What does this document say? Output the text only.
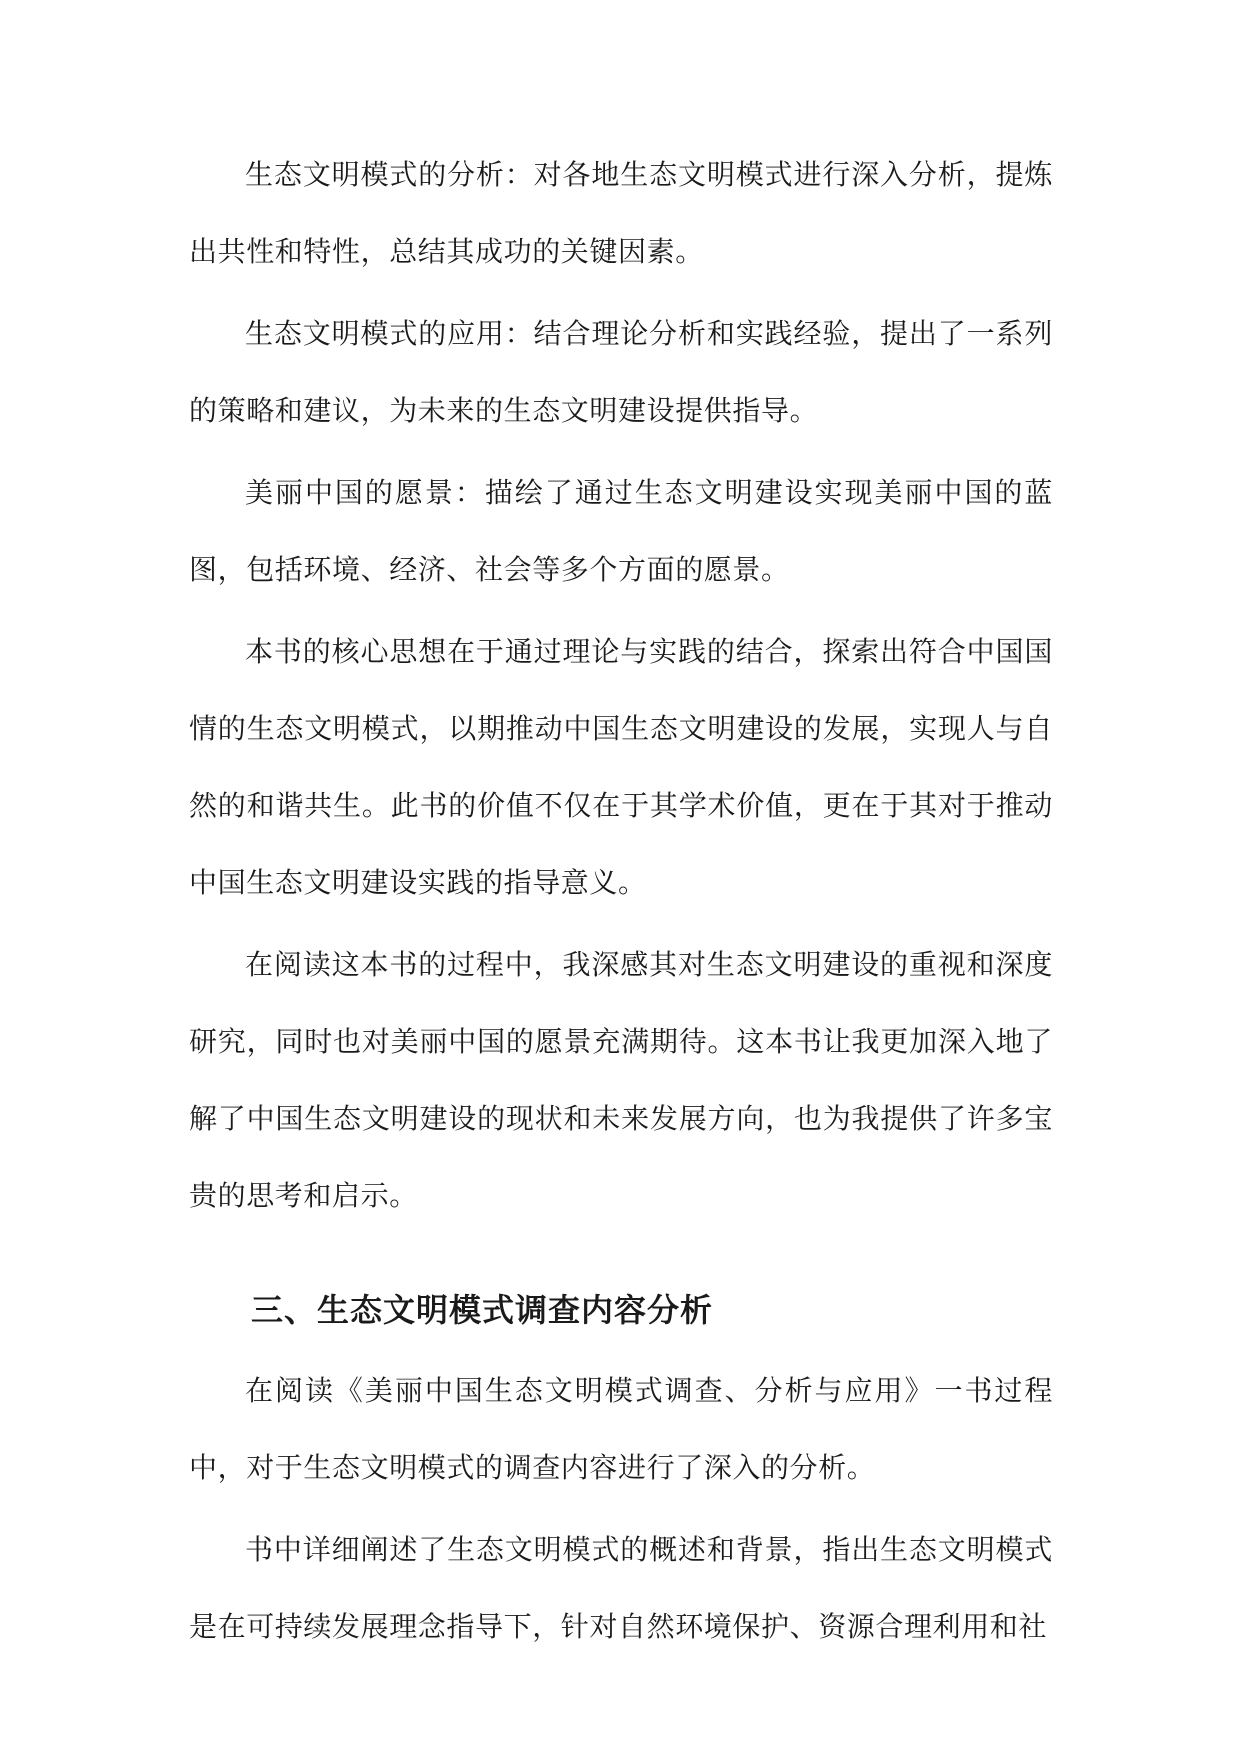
生态文明模式的分析：对各地生态文明模式进行深入分析，提炼出共性和特性，总结其成功的关键因素。

生态文明模式的应用：结合理论分析和实践经验，提出了一系列的策略和建议，为未来的生态文明建设提供指导。

美丽中国的愿景：描绘了通过生态文明建设实现美丽中国的蓝图，包括环境、经济、社会等多个方面的愿景。

本书的核心思想在于通过理论与实践的结合，探索出符合中国国情的生态文明模式，以期推动中国生态文明建设的发展，实现人与自然的和谐共生。此书的价值不仅在于其学术价值，更在于其对于推动中国生态文明建设实践的指导意义。

在阅读这本书的过程中，我深感其对生态文明建设的重视和深度研究，同时也对美丽中国的愿景充满期待。这本书让我更加深入地了解了中国生态文明建设的现状和未来发展方向，也为我提供了许多宝贵的思考和启示。

三、生态文明模式调查内容分析

在阅读《美丽中国生态文明模式调查、分析与应用》一书过程中，对于生态文明模式的调查内容进行了深入的分析。

书中详细阐述了生态文明模式的概述和背景，指出生态文明模式是在可持续发展理念指导下，针对自然环境保护、资源合理利用和社
